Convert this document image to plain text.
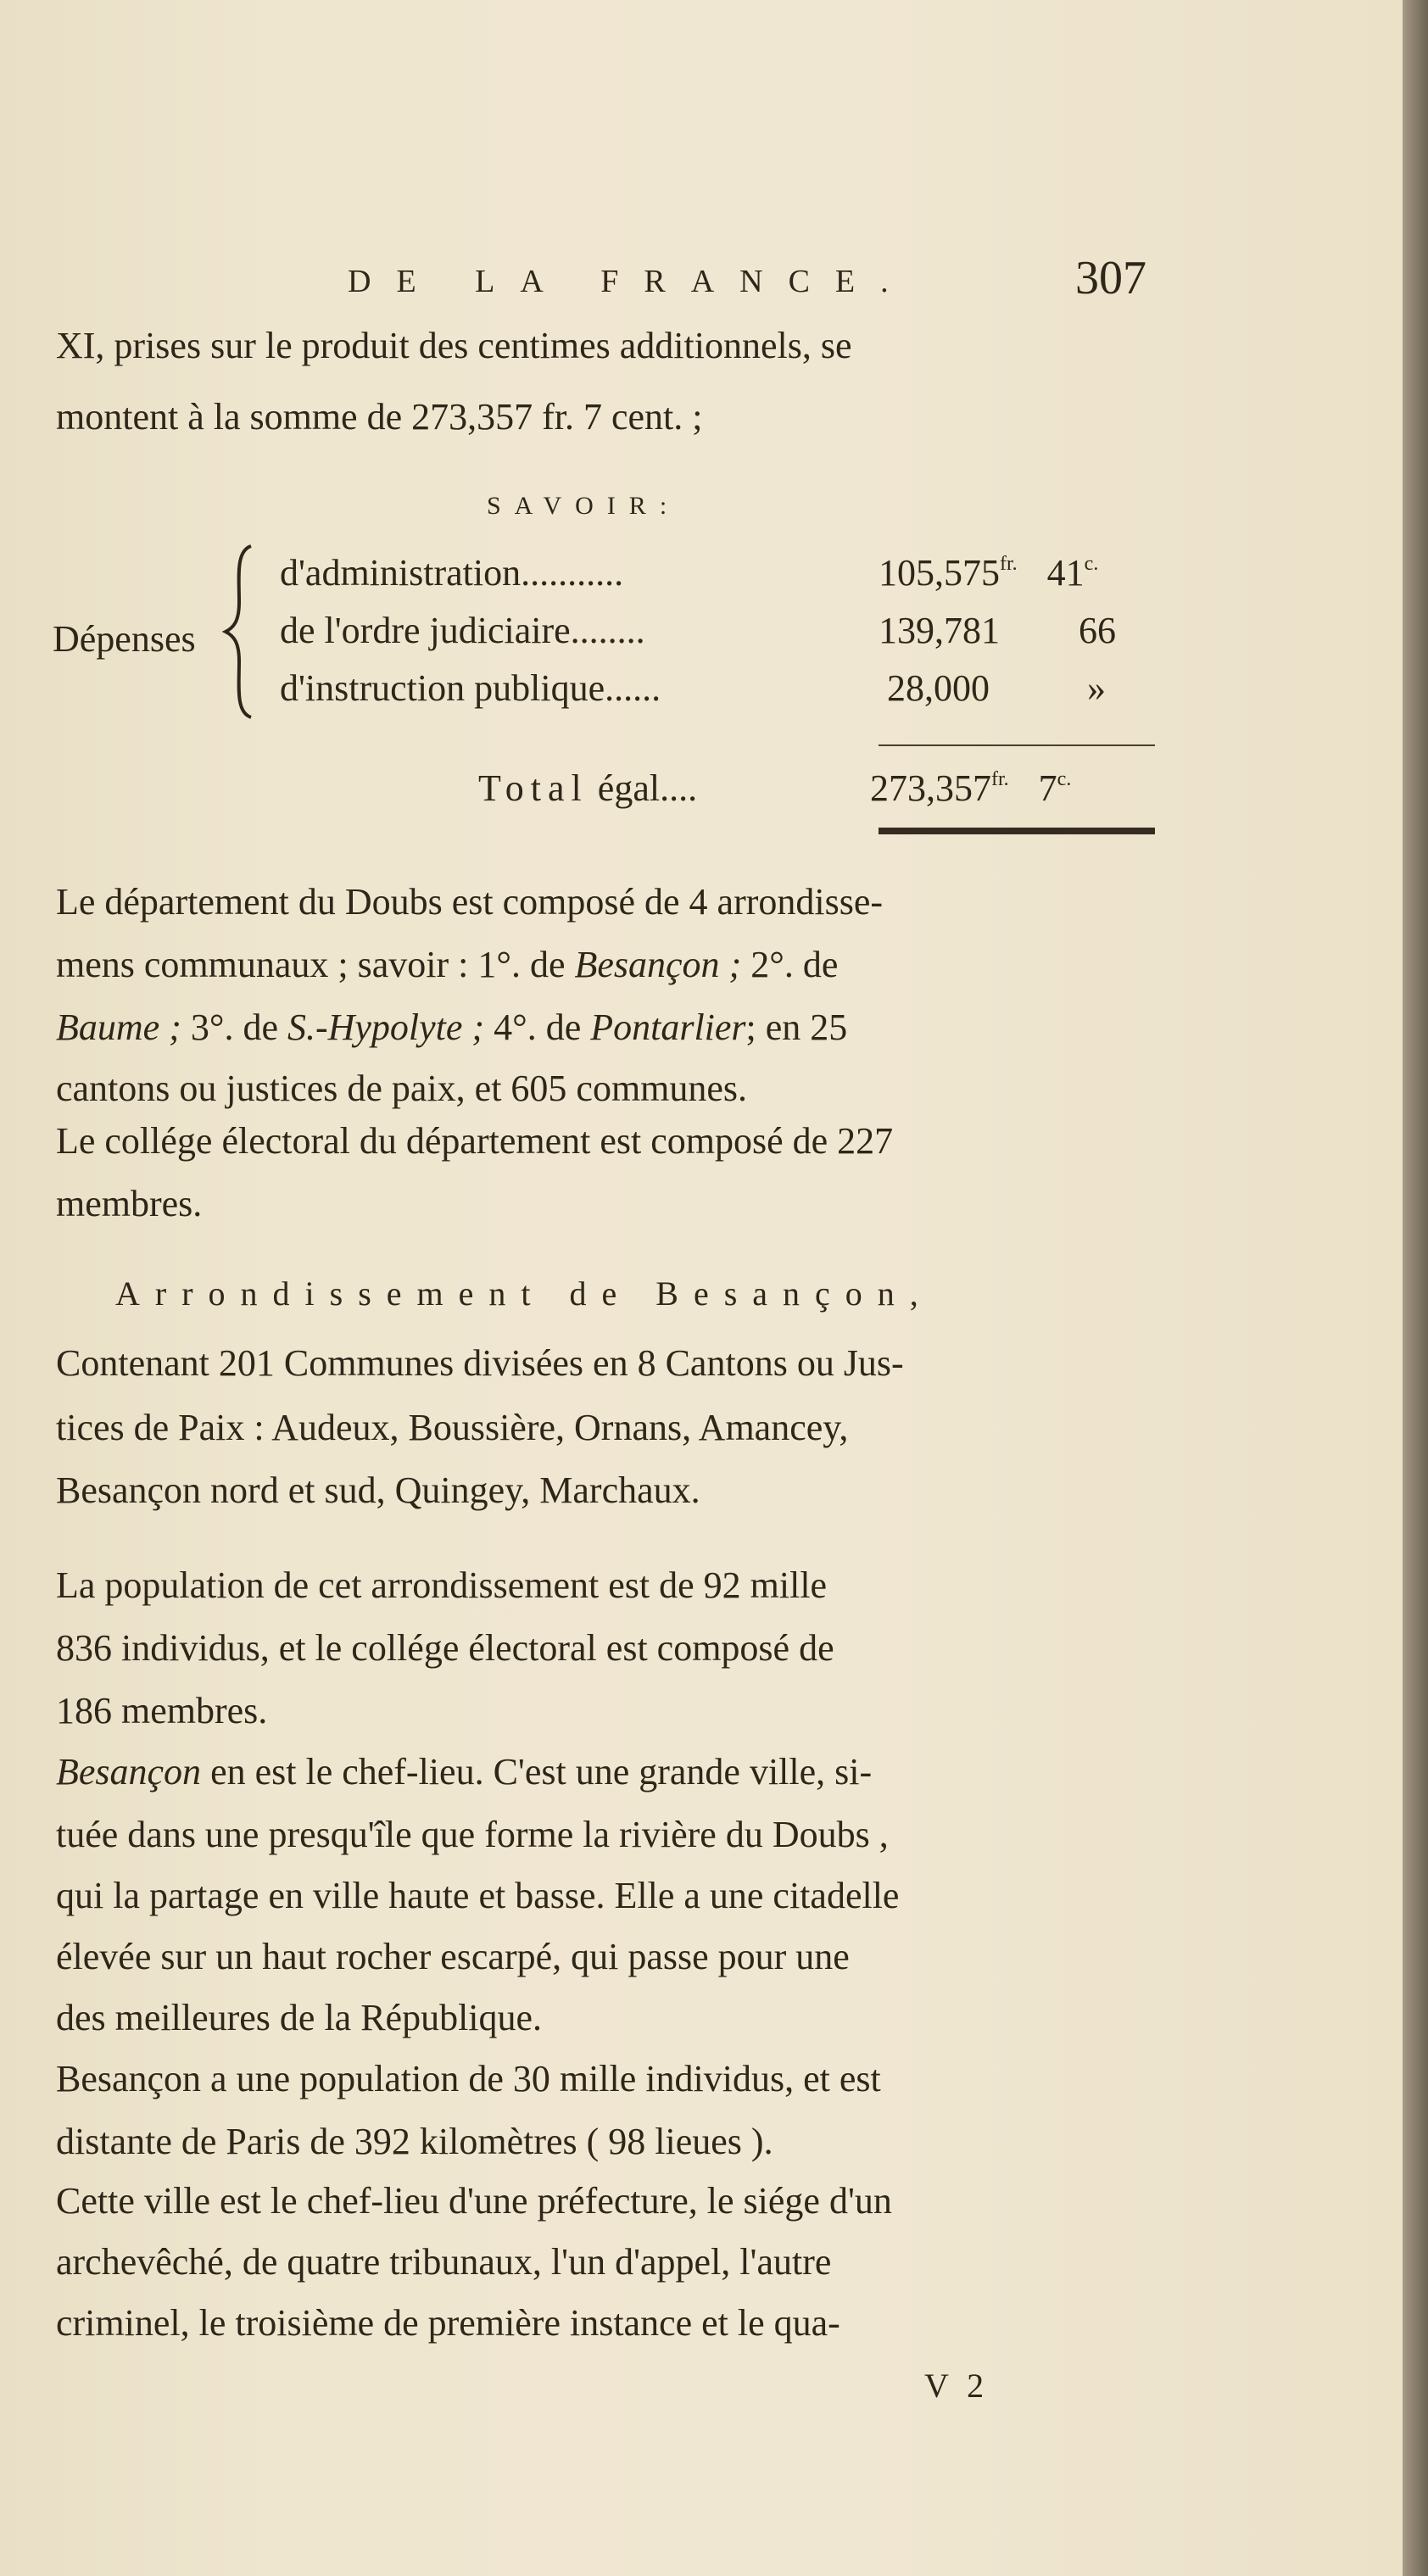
DE LA FRANCE.	307
XI, prises sur le produit des centimes additionnels, se
montent à la somme de 273,357 fr. 7 cent. ;
SAVOIR:
Dépenses
d'administration...........	$105,575^{fr.}$ $41^{c.}$
de l'ordre judiciaire........	139,781 66
d'instruction publique......	28,000	»
Total égal....	$273,357^{fr.}$ $7^{c.}$
Le département du Doubs est composé de 4 arrondisse-
mens communaux ; savoir : 1°. de Besançon ; 2°. de
Baume ; 3°. de S.-Hypolyte ; 4°. de Pontarlier; en 25
cantons ou justices de paix, et 605 communes.
Le collége électoral du département est composé de 227
membres.
Arrondissement de Besançon,
Contenant 201 Communes divisées en 8 Cantons ou Jus-
tices de Paix : Audeux, Boussière, Ornans, Amancey,
Besançon nord et sud, Quingey, Marchaux.
La population de cet arrondissement est de 92 mille
836 individus, et le collége électoral est composé de
186 membres.
Besançon en est le chef-lieu. C'est une grande ville, si-
tuée dans une presqu'île que forme la rivière du Doubs ,
qui la partage en ville haute et basse. Elle a une citadelle
élevée sur un haut rocher escarpé, qui passe pour une
des meilleures de la République.
Besançon a une population de 30 mille individus, et est
distante de Paris de 392 kilomètres ( 98 lieues ).
Cette ville est le chef-lieu d'une préfecture, le siége d'un
archevêché, de quatre tribunaux, l'un d'appel, l'autre
criminel, le troisième de première instance et le qua-
V 2
